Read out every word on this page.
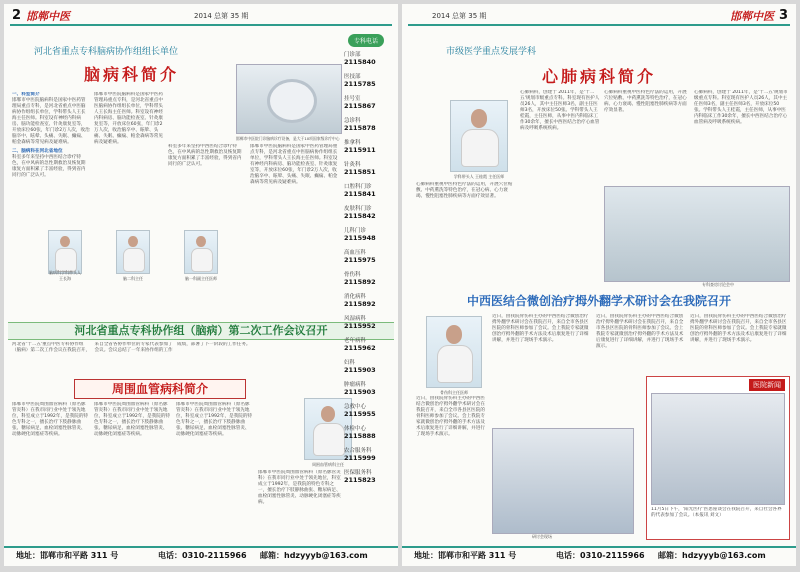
2 邯郸中医	2014 总第 35 期
河北省重点专科脑病协作组组长单位
脑病科简介
一、科室简介
邯郸市中医院脑病科是国家中医药管理局重点专科，是河北省重点中医脑病协作组组长单位，学科带头人王长海主任医师。科室设有神经内科病房、脑功能检查室、针灸康复室等，开放床位60张，年门诊2万人次，收治脑卒中、眩晕、头痛、失眠、癫痫、帕金森病等常见病及疑难病。
二、脑病科在河北省地位
科室多年来坚持中西医结合诊疗特色，在中风病的急性期救治及恢复期康复方面积累了丰富经验，得到省内同行的广泛认可。
邯郸市中医院脑病科是国家中医药管理局重点专科，是河北省重点中医脑病协作组组长单位，学科带头人王长海主任医师。科室设有神经内科病房、脑功能检查室、针灸康复室等，开放床位60张，年门诊2万人次，收治脑卒中、眩晕、头痛、失眠、癫痫、帕金森病等常见病及疑难病。
邯郸市中医院门诊脑病诊疗设备，是大于10项国家级诊疗中心
科室多年来坚持中西医结合诊疗特色，在中风病的急性期救治及恢复期康复方面积累了丰富经验，得到省内同行的广泛认可。
邯郸市中医院脑病科是国家中医药管理局重点专科，是河北省重点中医脑病协作组组长单位，学科带头人王长海主任医师。科室设有神经内科病房、脑功能检查室、针灸康复室等，开放床位60张，年门诊2万人次，收治脑卒中、眩晕、头痛、失眠、癫痫、帕金森病等常见病及疑难病。
脑病科学科带头人 王长海	脑二科主任	脑一科副主任医师
河北省重点专科协作组（脑病）第二次工作会议召开
河北省'十二五'重点中医专科协作组（脑病）第二次工作会议在我院召开，来自全省各协作单位的专家代表参加了会议。会议总结了一年来协作组的工作成绩，部署了下一阶段的工作任务。
周围血管病科简介
邯郸市中医院周围血管病科（原名脉管炎科）在我市同行业中处于领先地位，科室成立于1992年，是我院的特色专科之一，擅长治疗下肢静脉曲张、糖尿病足、血栓闭塞性脉管炎、动脉硬化闭塞症等疾病。
邯郸市中医院周围血管病科（原名脉管炎科）在我市同行业中处于领先地位，科室成立于1992年，是我院的特色专科之一，擅长治疗下肢静脉曲张、糖尿病足、血栓闭塞性脉管炎、动脉硬化闭塞症等疾病。
邯郸市中医院周围血管病科（原名脉管炎科）在我市同行业中处于领先地位，科室成立于1992年，是我院的特色专科之一，擅长治疗下肢静脉曲张、糖尿病足、血栓闭塞性脉管炎、动脉硬化闭塞症等疾病。
周围血管病科主任
邯郸市中医院周围血管病科（原名脉管炎科）在我市同行业中处于领先地位，科室成立于1992年，是我院的特色专科之一，擅长治疗下肢静脉曲张、糖尿病足、血栓闭塞性脉管炎、动脉硬化闭塞症等疾病。
地址：邯郸市和平路 311 号	电话：0310-2115966 邮箱：hdzyyyb@163.com
专科电话
门诊部
2115840
医技部
2115785
挂号室
2115867
急诊科
2115878
推拿科
2115911
针灸科
2115851
口腔科门诊
2115841
皮肤科门诊
2115842
儿科门诊
2115948
高血压科
2115975
骨伤科
2115892
消化病科
2115892
风湿病科
2115952
老年病科
2115962
妇科
2115903
肿瘤病科
2115903
急救中心
2115955
体检中心
2115888
农合服务科
2115999
医保服务科
2115823
2014 总第 35 期	邯郸中医 3
市级医学重点发展学科
心肺病科简介
学科带头人 王桂霞 主任医师
心肺病科，创建于 2011年，是'十二五'规划市级重点专科。科室现有医护人员26人，其中主任医师3名，副主任医师3名，开放床位50张。学科带头人王桂霞，主任医师，从事中医内科临床工作30余年，擅长中西医结合治疗心血管病及呼吸系统疾病。
心肺病科重视中医特色疗法的运用，开展穴位贴敷、中药熏洗等特色治疗，在冠心病、心力衰竭、慢性阻塞性肺疾病等方面疗效显著。
心肺病科，创建于 2011年，是'十二五'规划市级重点专科。科室现有医护人员26人，其中主任医师3名，副主任医师3名，开放床位50张。学科带头人王桂霞，主任医师，从事中医内科临床工作30余年，擅长中西医结合治疗心血管病及呼吸系统疾病。
心肺病科重视中医特色疗法的运用，开展穴位贴敷、中药熏洗等特色治疗，在冠心病、心力衰竭、慢性阻塞性肺疾病等方面疗效显著。
专科查房讨论会中
中西医结合微创治疗拇外翻学术研讨会在我院召开
骨伤科主任医师
近日，由我院骨伤科主办的中西医结合微创治疗拇外翻学术研讨会在我院召开，来自全市各县区医院的骨科医师参加了会议。会上我院专家就微创治疗拇外翻的手术方法及术后康复进行了详细讲解，并进行了现场手术演示。
近日，由我院骨伤科主办的中西医结合微创治疗拇外翻学术研讨会在我院召开，来自全市各县区医院的骨科医师参加了会议。会上我院专家就微创治疗拇外翻的手术方法及术后康复进行了详细讲解，并进行了现场手术演示。
近日，由我院骨伤科主办的中西医结合微创治疗拇外翻学术研讨会在我院召开，来自全市各县区医院的骨科医师参加了会议。会上我院专家就微创治疗拇外翻的手术方法及术后康复进行了详细讲解，并进行了现场手术演示。
近日，由我院骨伤科主办的中西医结合微创治疗拇外翻学术研讨会在我院召开，来自全市各县区医院的骨科医师参加了会议。会上我院专家就微创治疗拇外翻的手术方法及术后康复进行了详细讲解，并进行了现场手术演示。
研讨会现场
医院新闻
11月5日下午，'阳光医疗'医患座谈会在我院召开，来自社会各界的代表参加了会议。（本报讯 刘文）
地址：邯郸市和平路 311 号	电话：0310-2115966 邮箱：hdzyyyb@163.com
